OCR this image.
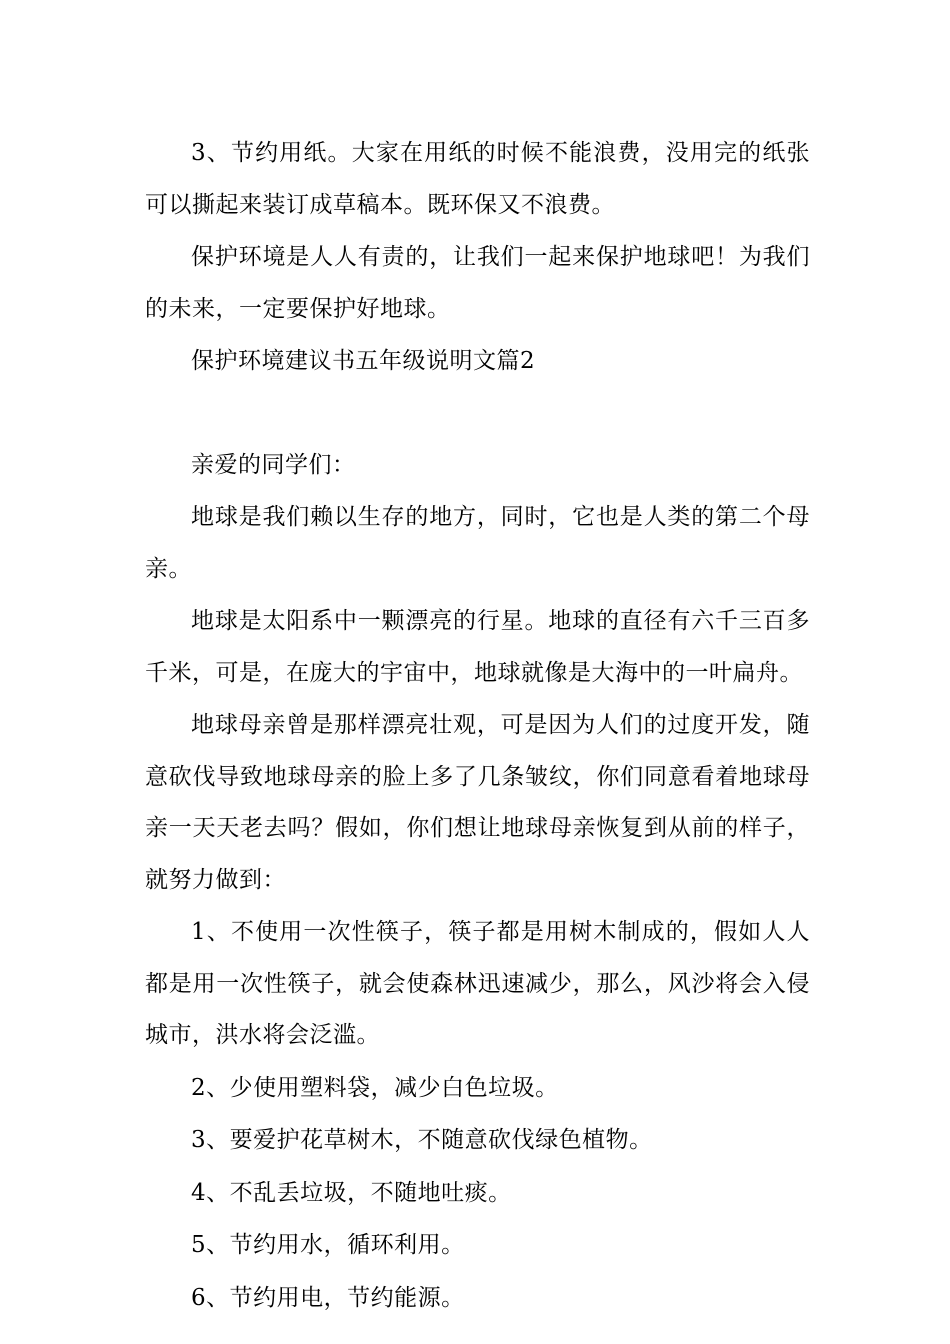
3、节约用纸。大家在用纸的时候不能浪费，没用完的纸张可以撕起来装订成草稿本。既环保又不浪费。

保护环境是人人有责的，让我们一起来保护地球吧！为我们的未来，一定要保护好地球。

保护环境建议书五年级说明文篇2

亲爱的同学们：

地球是我们赖以生存的地方，同时，它也是人类的第二个母亲。

地球是太阳系中一颗漂亮的行星。地球的直径有六千三百多千米，可是，在庞大的宇宙中，地球就像是大海中的一叶扁舟。

地球母亲曾是那样漂亮壮观，可是因为人们的过度开发，随意砍伐导致地球母亲的脸上多了几条皱纹，你们同意看着地球母亲一天天老去吗？假如，你们想让地球母亲恢复到从前的样子，就努力做到：

1、不使用一次性筷子，筷子都是用树木制成的，假如人人都是用一次性筷子，就会使森林迅速减少，那么，风沙将会入侵城市，洪水将会泛滥。

2、少使用塑料袋，减少白色垃圾。

3、要爱护花草树木，不随意砍伐绿色植物。

4、不乱丢垃圾，不随地吐痰。

5、节约用水，循环利用。

6、节约用电，节约能源。
